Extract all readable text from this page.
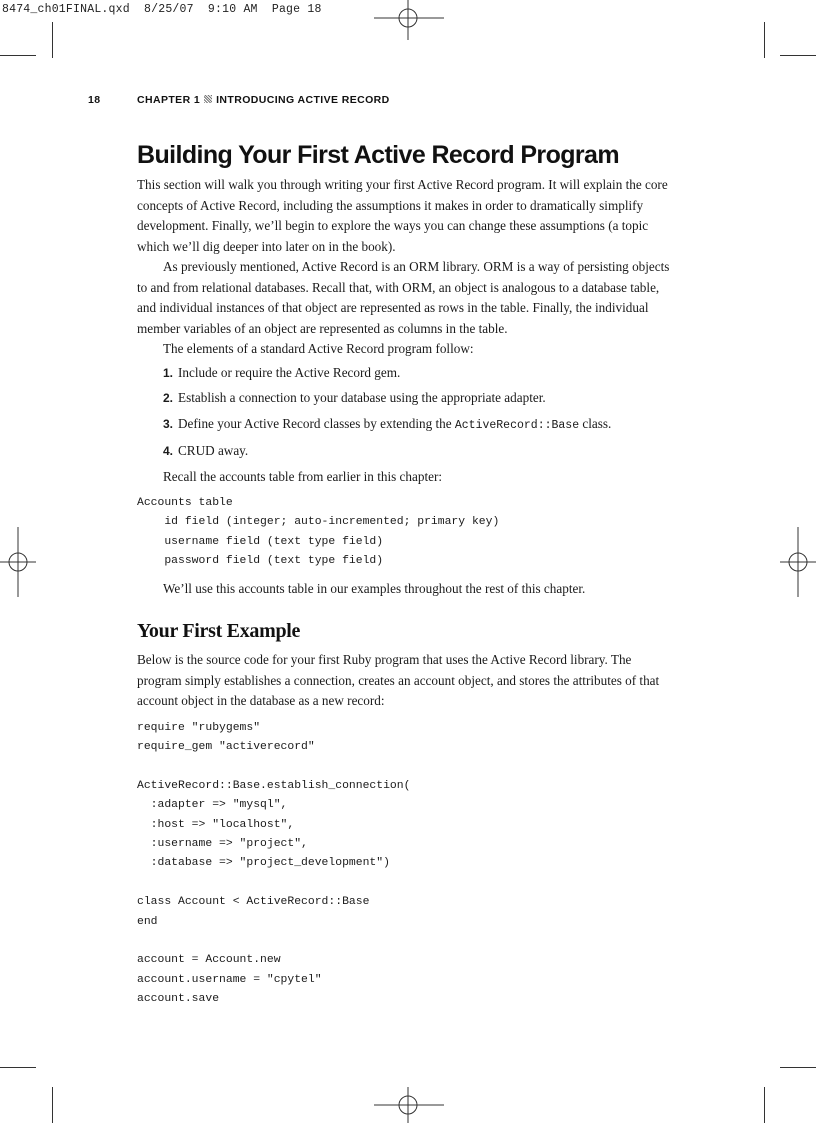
8474_ch01FINAL.qxd  8/25/07  9:10 AM  Page 18
18	CHAPTER 1 INTRODUCING ACTIVE RECORD
Building Your First Active Record Program

This section will walk you through writing your first Active Record program. It will explain the core concepts of Active Record, including the assumptions it makes in order to dramatically simplify development. Finally, we’ll begin to explore the ways you can change these assumptions (a topic which we’ll dig deeper into later on in the book).

As previously mentioned, Active Record is an ORM library. ORM is a way of persisting objects to and from relational databases. Recall that, with ORM, an object is analogous to a database table, and individual instances of that object are represented as rows in the table. Finally, the individual member variables of an object are represented as columns in the table.

The elements of a standard Active Record program follow:

1. Include or require the Active Record gem.
2. Establish a connection to your database using the appropriate adapter.
3. Define your Active Record classes by extending the ActiveRecord::Base class.
4. CRUD away.

Recall the accounts table from earlier in this chapter:

Accounts table
id field (integer; auto-incremented; primary key)
username field (text type field)
password field (text type field)

We’ll use this accounts table in our examples throughout the rest of this chapter.

Your First Example

Below is the source code for your first Ruby program that uses the Active Record library. The program simply establishes a connection, creates an account object, and stores the attributes of that account object in the database as a new record:

require "rubygems"
require_gem "activerecord"
ActiveRecord::Base.establish_connection(
:adapter => "mysql",
:host => "localhost",
:username => "project",
:database => "project_development")
class Account < ActiveRecord::Base
end
account = Account.new
account.username = "cpytel"
account.save
